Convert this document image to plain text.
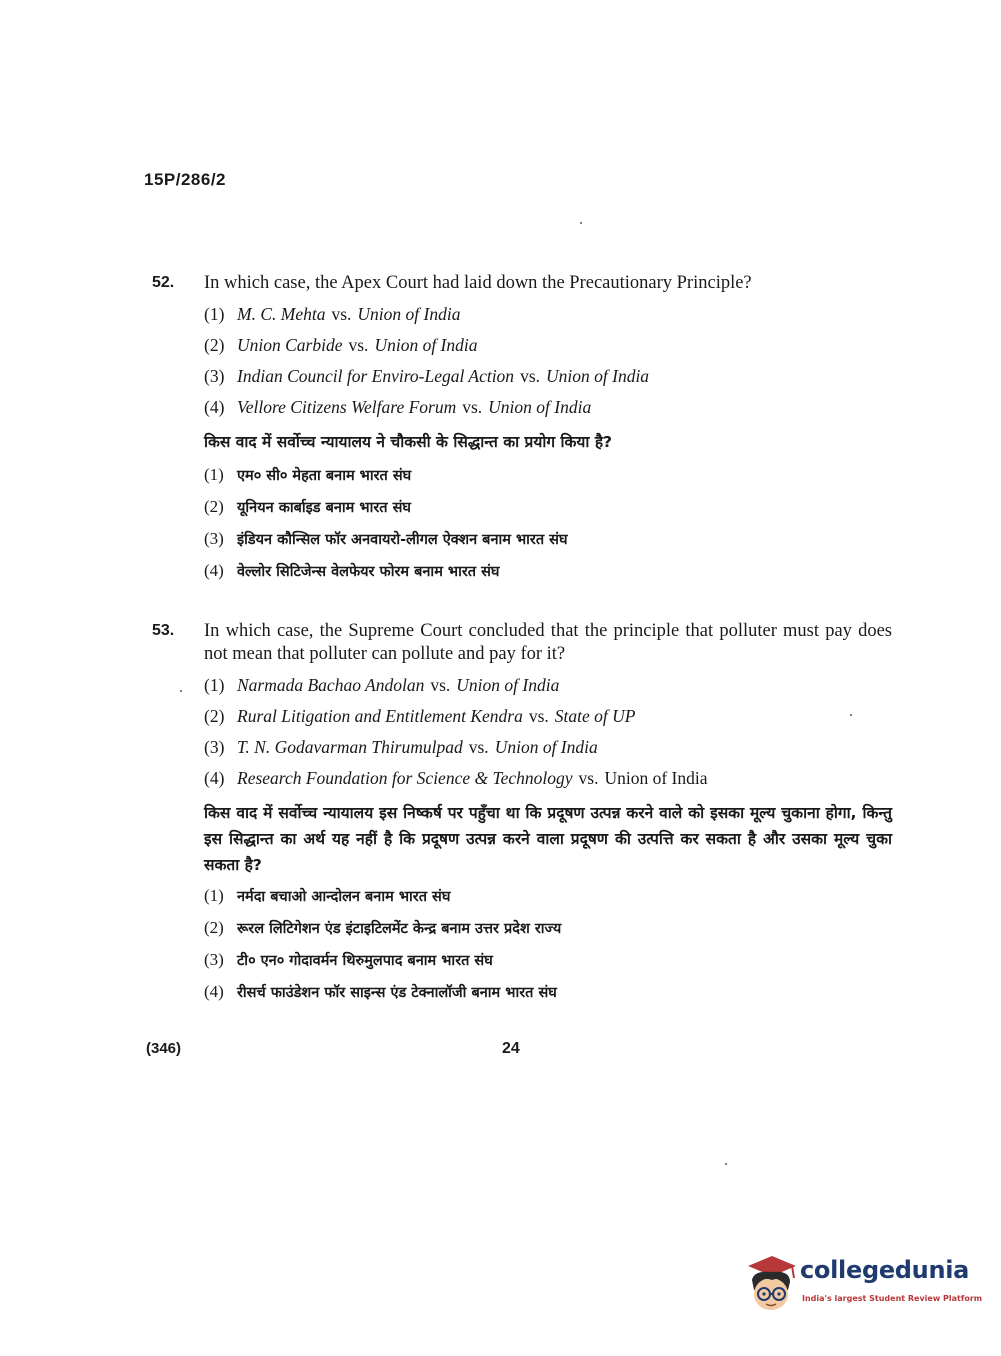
15P/286/2
52.	In which case, the Apex Court had laid down the Precautionary Principle?
(1) M. C. Mehta vs. Union of India
(2) Union Carbide vs. Union of India
(3) Indian Council for Enviro-Legal Action vs. Union of India
(4) Vellore Citizens Welfare Forum vs. Union of India
किस वाद में सर्वोच्च न्यायालय ने चौकसी के सिद्धान्त का प्रयोग किया है?
(1) एम० सी० मेहता बनाम भारत संघ
(2) यूनियन कार्बाइड बनाम भारत संघ
(3) इंडियन कौन्सिल फॉर अनवायरो-लीगल ऐक्शन बनाम भारत संघ
(4) वेल्लोर सिटिजेन्स वेलफेयर फोरम बनाम भारत संघ
53.	In which case, the Supreme Court concluded that the principle that polluter must pay does not mean that polluter can pollute and pay for it?
(1) Narmada Bachao Andolan vs. Union of India
(2) Rural Litigation and Entitlement Kendra vs. State of UP
(3) T. N. Godavarman Thirumulpad vs. Union of India
(4) Research Foundation for Science & Technology vs. Union of India
किस वाद में सर्वोच्च न्यायालय इस निष्कर्ष पर पहुँचा था कि प्रदूषण उत्पन्न करने वाले को इसका मूल्य चुकाना होगा, किन्तु इस सिद्धान्त का अर्थ यह नहीं है कि प्रदूषण उत्पन्न करने वाला प्रदूषण की उत्पत्ति कर सकता है और उसका मूल्य चुका सकता है?
(1) नर्मदा बचाओ आन्दोलन बनाम भारत संघ
(2) रूरल लिटिगेशन एंड इंटाइटिलमेंट केन्द्र बनाम उत्तर प्रदेश राज्य
(3) टी० एन० गोदावर्मन थिरुमुलपाद बनाम भारत संघ
(4) रीसर्च फाउंडेशन फॉर साइन्स एंड टेक्नालॉजी बनाम भारत संघ
(346)	24
collegedunia
India's largest Student Review Platform
